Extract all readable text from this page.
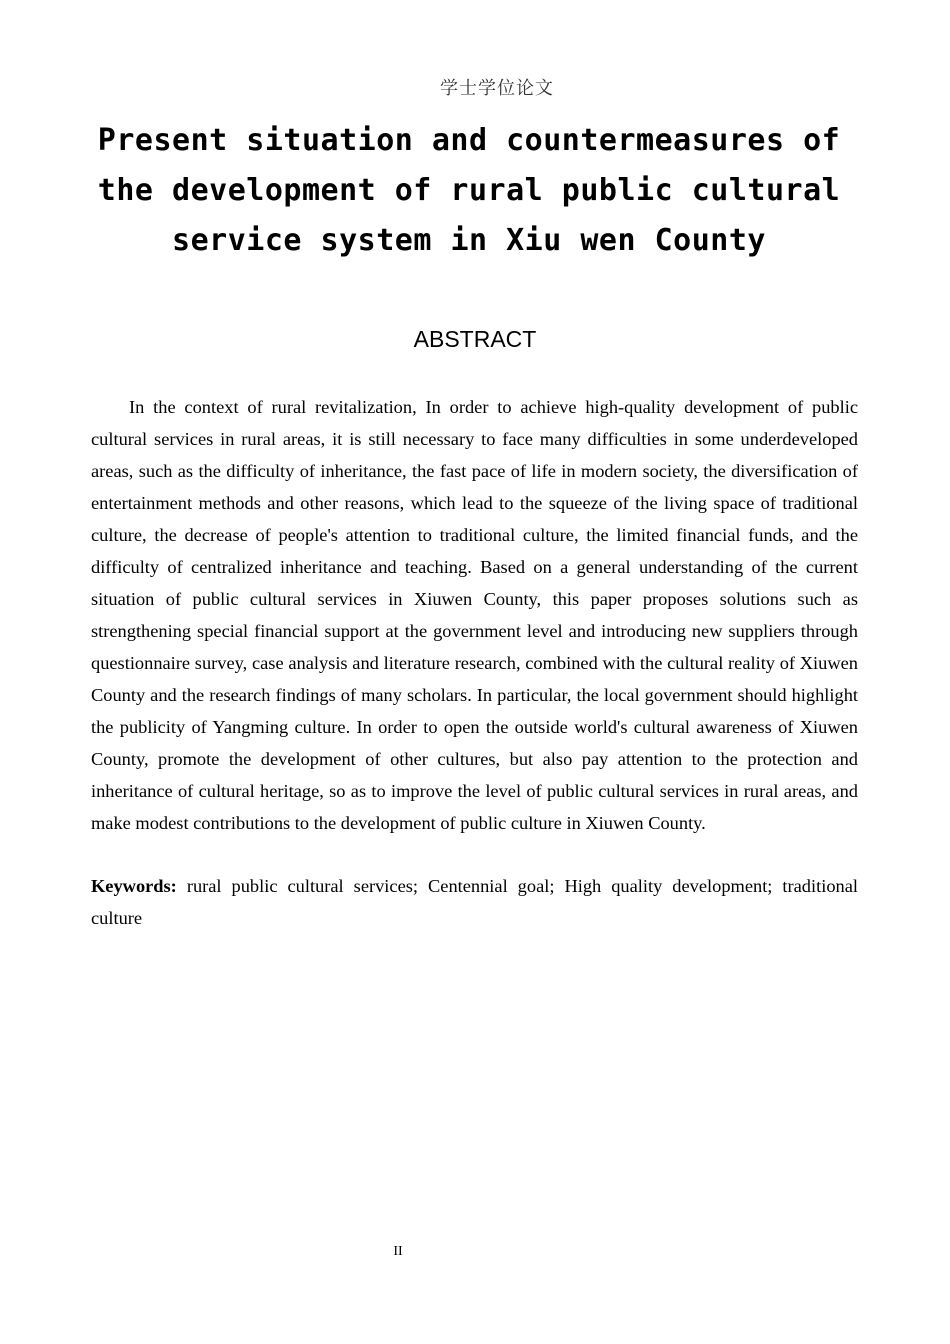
学士学位论文
Present situation and countermeasures of the development of rural public cultural service system in Xiu wen County
ABSTRACT

In the context of rural revitalization, In order to achieve high-quality development of public cultural services in rural areas, it is still necessary to face many difficulties in some underdeveloped areas, such as the difficulty of inheritance, the fast pace of life in modern society, the diversification of entertainment methods and other reasons, which lead to the squeeze of the living space of traditional culture, the decrease of people's attention to traditional culture, the limited financial funds, and the difficulty of centralized inheritance and teaching. Based on a general understanding of the current situation of public cultural services in Xiuwen County, this paper proposes solutions such as strengthening special financial support at the government level and introducing new suppliers through questionnaire survey, case analysis and literature research, combined with the cultural reality of Xiuwen County and the research findings of many scholars. In particular, the local government should highlight the publicity of Yangming culture. In order to open the outside world's cultural awareness of Xiuwen County, promote the development of other cultures, but also pay attention to the protection and inheritance of cultural heritage, so as to improve the level of public cultural services in rural areas, and make modest contributions to the development of public culture in Xiuwen County.

Keywords: rural public cultural services; Centennial goal; High quality development; traditional culture

II
